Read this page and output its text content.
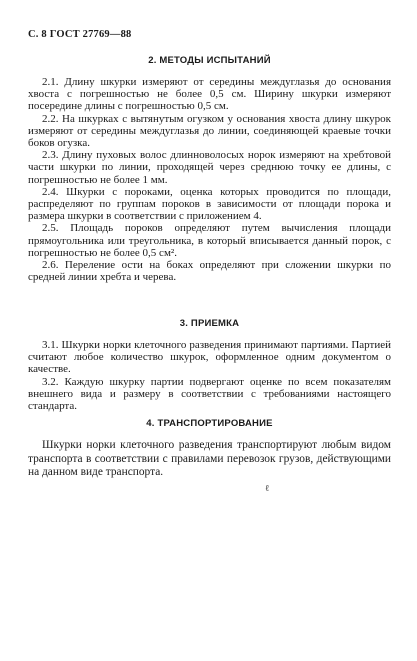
С. 8 ГОСТ 27769—88

2. МЕТОДЫ ИСПЫТАНИЙ

2.1. Длину шкурки измеряют от середины междуглазья до основания хвоста с погрешностью не более 0,5 см. Ширину шкурки измеряют посередине длины с погрешностью 0,5 см.

2.2. На шкурках с вытянутым огузком у основания хвоста длину шкурок измеряют от середины междуглазья до линии, соединяющей краевые точки боков огузка.

2.3. Длину пуховых волос длинноволосых норок измеряют на хребтовой части шкурки по линии, проходящей через среднюю точку ее длины, с погрешностью не более 1 мм.

2.4. Шкурки с пороками, оценка которых проводится по площади, распределяют по группам пороков в зависимости от площади порока и размера шкурки в соответствии с приложением 4.

2.5. Площадь пороков определяют путем вычисления площади прямоугольника или треугольника, в который вписывается данный порок, с погрешностью не более 0,5 см².

2.6. Переление ости на боках определяют при сложении шкурки по средней линии хребта и черева.

3. ПРИЕМКА

3.1. Шкурки норки клеточного разведения принимают партиями. Партией считают любое количество шкурок, оформленное одним документом о качестве.

3.2. Каждую шкурку партии подвергают оценке по всем показателям внешнего вида и размеру в соответствии с требованиями настоящего стандарта.

4. ТРАНСПОРТИРОВАНИЕ

Шкурки норки клеточного разведения транспортируют любым видом транспорта в соответствии с правилами перевозок грузов, действующими на данном виде транспорта.

ℓ
